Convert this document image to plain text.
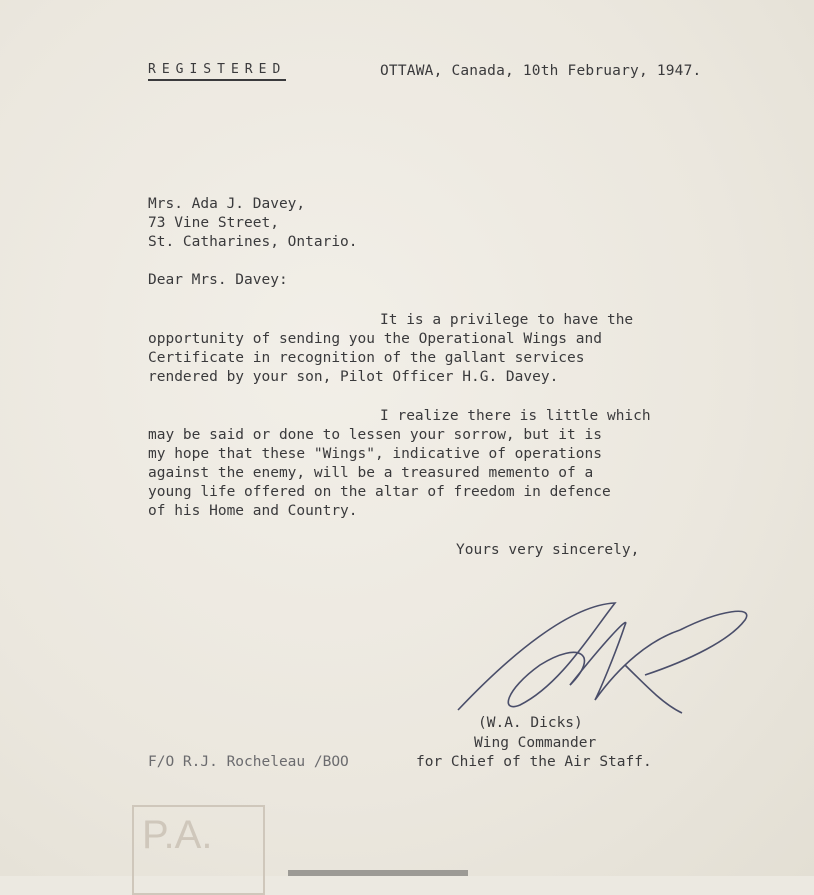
REGISTERED	OTTAWA, Canada, 10th February, 1947.
Mrs. Ada J. Davey,
73 Vine Street,
St. Catharines, Ontario.
Dear Mrs. Davey:
It is a privilege to have the
opportunity of sending you the Operational Wings and
Certificate in recognition of the gallant services
rendered by your son, Pilot Officer H.G. Davey.
I realize there is little which
may be said or done to lessen your sorrow, but it is
my hope that these "Wings", indicative of operations
against the enemy, will be a treasured memento of a
young life offered on the altar of freedom in defence
of his Home and Country.
Yours very sincerely,
(W.A. Dicks)
Wing Commander
for Chief of the Air Staff.
F/O R.J. Rocheleau /BOO
P.A.
